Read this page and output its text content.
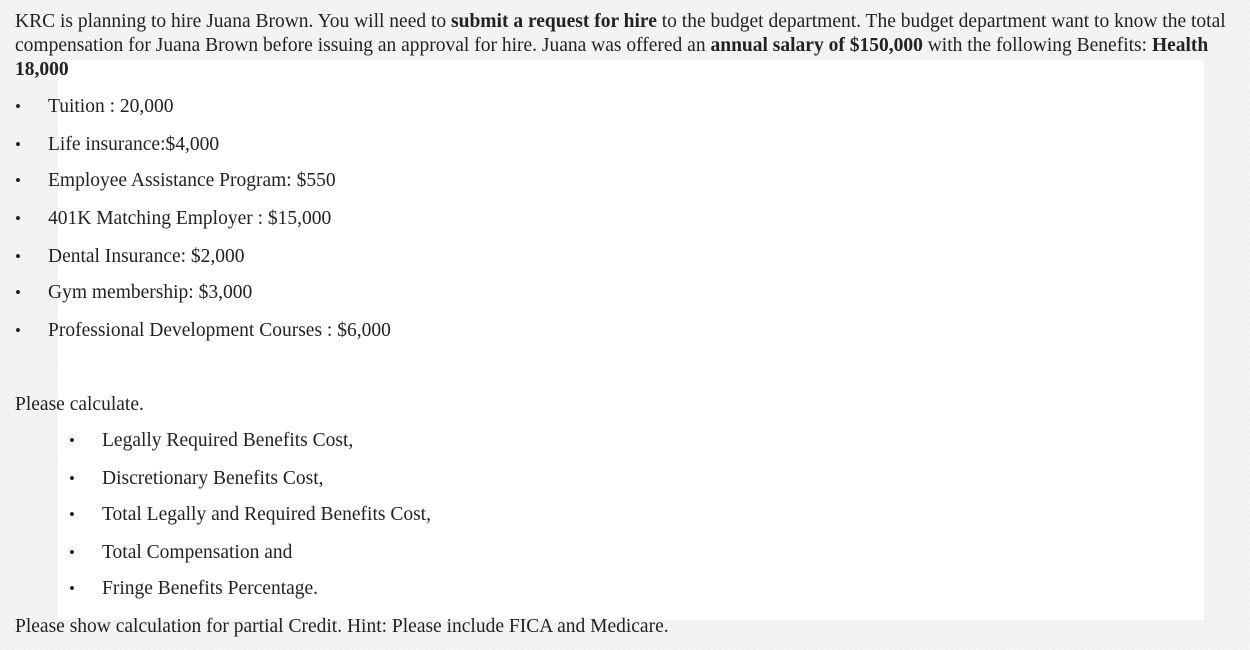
KRC is planning to hire Juana Brown. You will need to submit a request for hire to the budget department. The budget department want to know the total compensation for Juana Brown before issuing an approval for hire. Juana was offered an annual salary of $150,000 with the following Benefits: Health 18,000

• Tuition : 20,000
• Life insurance:$4,000
• Employee Assistance Program: $550
• 401K Matching Employer : $15,000
• Dental Insurance: $2,000
• Gym membership: $3,000
• Professional Development Courses : $6,000
Please calculate.
• Legally Required Benefits Cost,
• Discretionary Benefits Cost,
• Total Legally and Required Benefits Cost,
• Total Compensation and
• Fringe Benefits Percentage.
Please show calculation for partial Credit. Hint: Please include FICA and Medicare.
